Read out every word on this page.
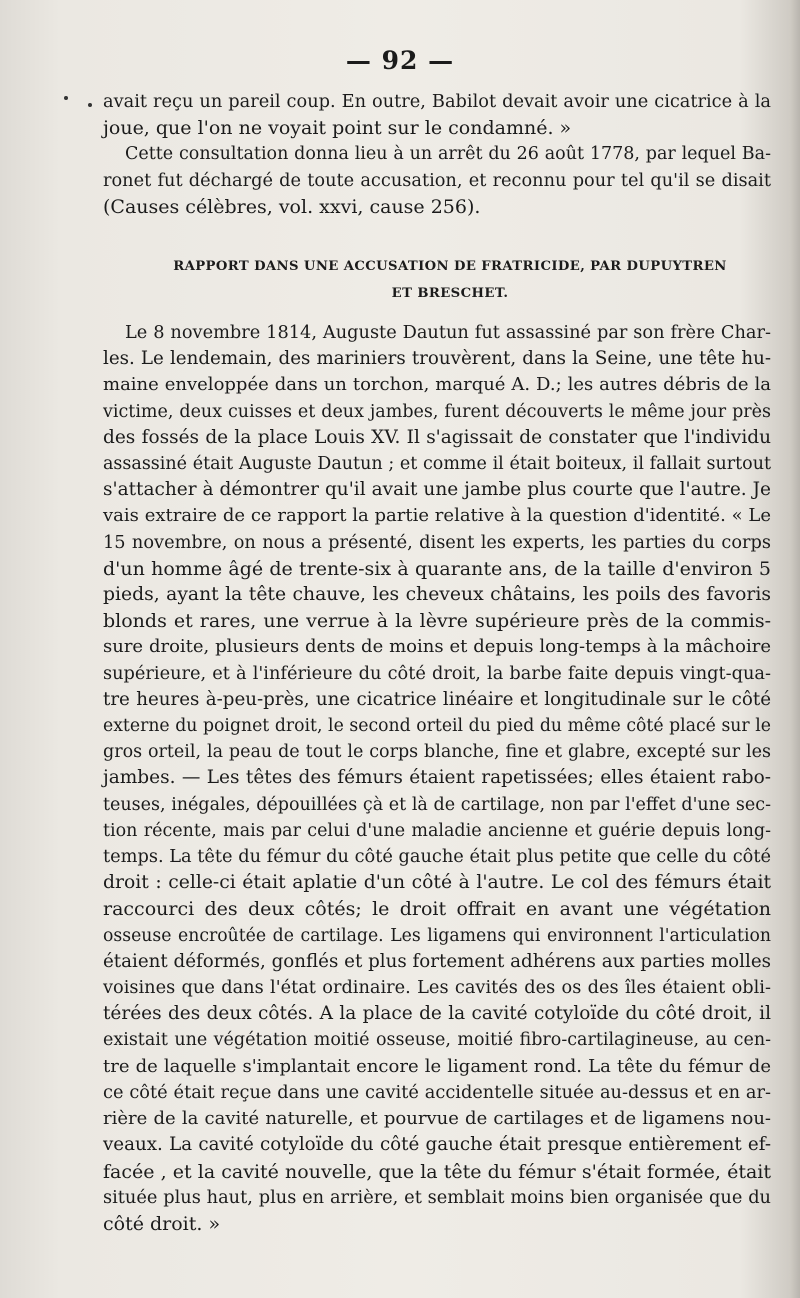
— 92 —
avait reçu un pareil coup. En outre, Babilot devait avoir une cicatrice à la
joue, que l'on ne voyait point sur le condamné. »
Cette consultation donna lieu à un arrêt du 26 août 1778, par lequel Ba-
ronet fut déchargé de toute accusation, et reconnu pour tel qu'il se disait
(Causes célèbres, vol. xxvi, cause 256).
RAPPORT DANS UNE ACCUSATION DE FRATRICIDE, PAR DUPUYTREN
ET BRESCHET.
Le 8 novembre 1814, Auguste Dautun fut assassiné par son frère Char-
les. Le lendemain, des mariniers trouvèrent, dans la Seine, une tête hu-
maine enveloppée dans un torchon, marqué A. D.; les autres débris de la
victime, deux cuisses et deux jambes, furent découverts le même jour près
des fossés de la place Louis XV. Il s'agissait de constater que l'individu
assassiné était Auguste Dautun ; et comme il était boiteux, il fallait surtout
s'attacher à démontrer qu'il avait une jambe plus courte que l'autre. Je
vais extraire de ce rapport la partie relative à la question d'identité. « Le
15 novembre, on nous a présenté, disent les experts, les parties du corps
d'un homme âgé de trente-six à quarante ans, de la taille d'environ 5
pieds, ayant la tête chauve, les cheveux châtains, les poils des favoris
blonds et rares, une verrue à la lèvre supérieure près de la commis-
sure droite, plusieurs dents de moins et depuis long-temps à la mâchoire
supérieure, et à l'inférieure du côté droit, la barbe faite depuis vingt-qua-
tre heures à-peu-près, une cicatrice linéaire et longitudinale sur le côté
externe du poignet droit, le second orteil du pied du même côté placé sur le
gros orteil, la peau de tout le corps blanche, fine et glabre, excepté sur les
jambes. — Les têtes des fémurs étaient rapetissées; elles étaient rabo-
teuses, inégales, dépouillées çà et là de cartilage, non par l'effet d'une sec-
tion récente, mais par celui d'une maladie ancienne et guérie depuis long-
temps. La tête du fémur du côté gauche était plus petite que celle du côté
droit : celle-ci était aplatie d'un côté à l'autre. Le col des fémurs était
raccourci des deux côtés; le droit offrait en avant une végétation
osseuse encroûtée de cartilage. Les ligamens qui environnent l'articulation
étaient déformés, gonflés et plus fortement adhérens aux parties molles
voisines que dans l'état ordinaire. Les cavités des os des îles étaient obli-
térées des deux côtés. A la place de la cavité cotyloïde du côté droit, il
existait une végétation moitié osseuse, moitié fibro-cartilagineuse, au cen-
tre de laquelle s'implantait encore le ligament rond. La tête du fémur de
ce côté était reçue dans une cavité accidentelle située au-dessus et en ar-
rière de la cavité naturelle, et pourvue de cartilages et de ligamens nou-
veaux. La cavité cotyloïde du côté gauche était presque entièrement ef-
facée , et la cavité nouvelle, que la tête du fémur s'était formée, était
située plus haut, plus en arrière, et semblait moins bien organisée que du
côté droit. »
